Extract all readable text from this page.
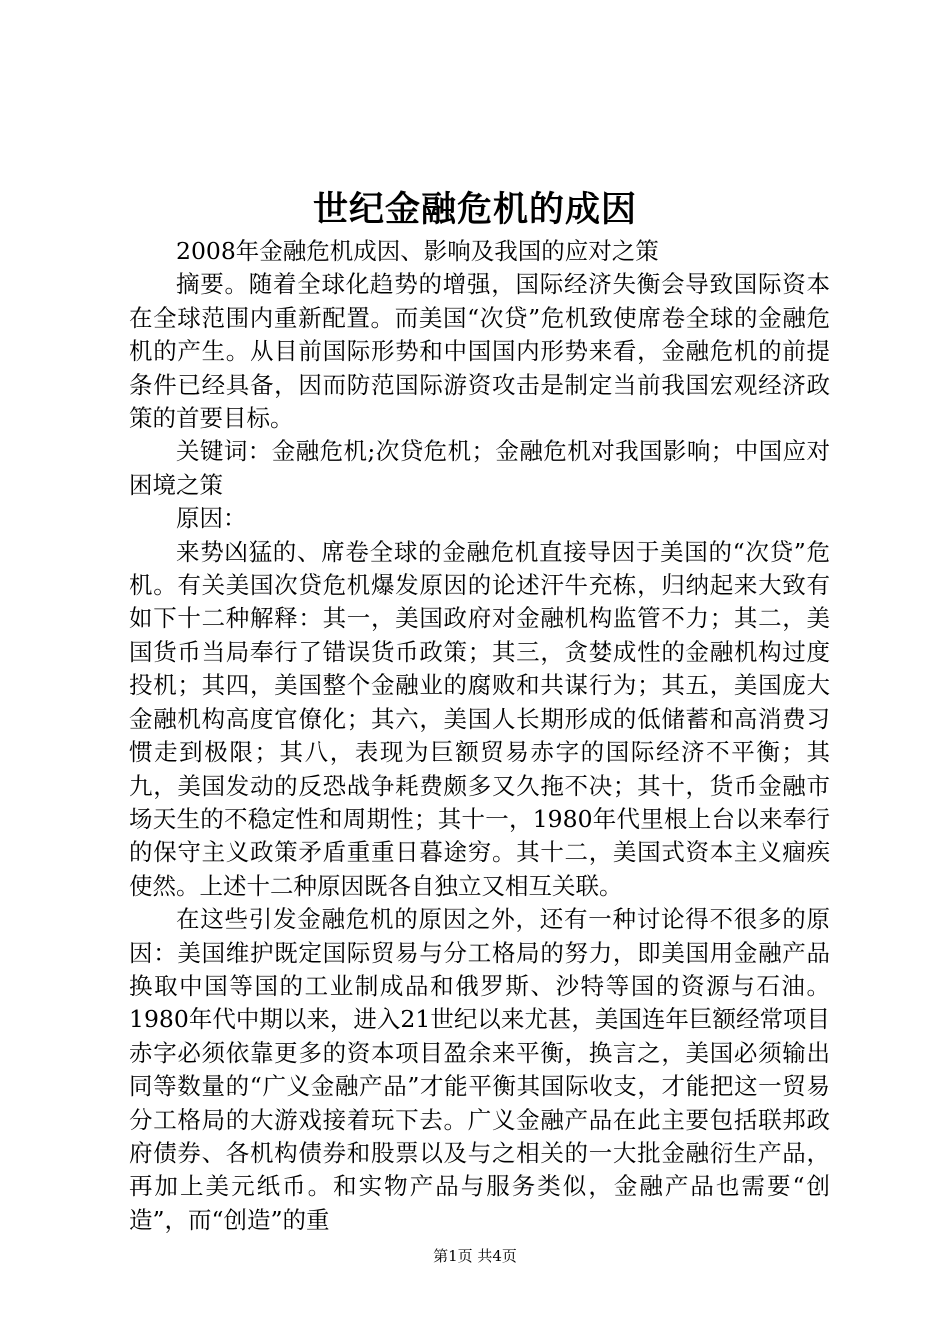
世纪金融危机的成因

2008年金融危机成因、影响及我国的应对之策

摘要。随着全球化趋势的增强，国际经济失衡会导致国际资本在全球范围内重新配置。而美国“次贷”危机致使席卷全球的金融危机的产生。从目前国际形势和中国国内形势来看，金融危机的前提条件已经具备，因而防范国际游资攻击是制定当前我国宏观经济政策的首要目标。

关键词：金融危机;次贷危机；金融危机对我国影响；中国应对困境之策

原因：

来势凶猛的、席卷全球的金融危机直接导因于美国的“次贷”危机。有关美国次贷危机爆发原因的论述汗牛充栋，归纳起来大致有如下十二种解释：其一，美国政府对金融机构监管不力；其二，美国货币当局奉行了错误货币政策；其三，贪婪成性的金融机构过度投机；其四，美国整个金融业的腐败和共谋行为；其五，美国庞大金融机构高度官僚化；其六，美国人长期形成的低储蓄和高消费习惯走到极限；其八，表现为巨额贸易赤字的国际经济不平衡；其九，美国发动的反恐战争耗费颇多又久拖不决；其十，货币金融市场天生的不稳定性和周期性；其十一，1980年代里根上台以来奉行的保守主义政策矛盾重重日暮途穷。其十二，美国式资本主义痼疾使然。上述十二种原因既各自独立又相互关联。

在这些引发金融危机的原因之外，还有一种讨论得不很多的原因：美国维护既定国际贸易与分工格局的努力，即美国用金融产品换取中国等国的工业制成品和俄罗斯、沙特等国的资源与石油。1980年代中期以来，进入21世纪以来尤甚，美国连年巨额经常项目赤字必须依靠更多的资本项目盈余来平衡，换言之，美国必须输出同等数量的“广义金融产品”才能平衡其国际收支，才能把这一贸易分工格局的大游戏接着玩下去。广义金融产品在此主要包括联邦政府债券、各机构债券和股票以及与之相关的一大批金融衍生产品，再加上美元纸币。和实物产品与服务类似，金融产品也需要“创造”，而“创造”的重

第1页 共4页
